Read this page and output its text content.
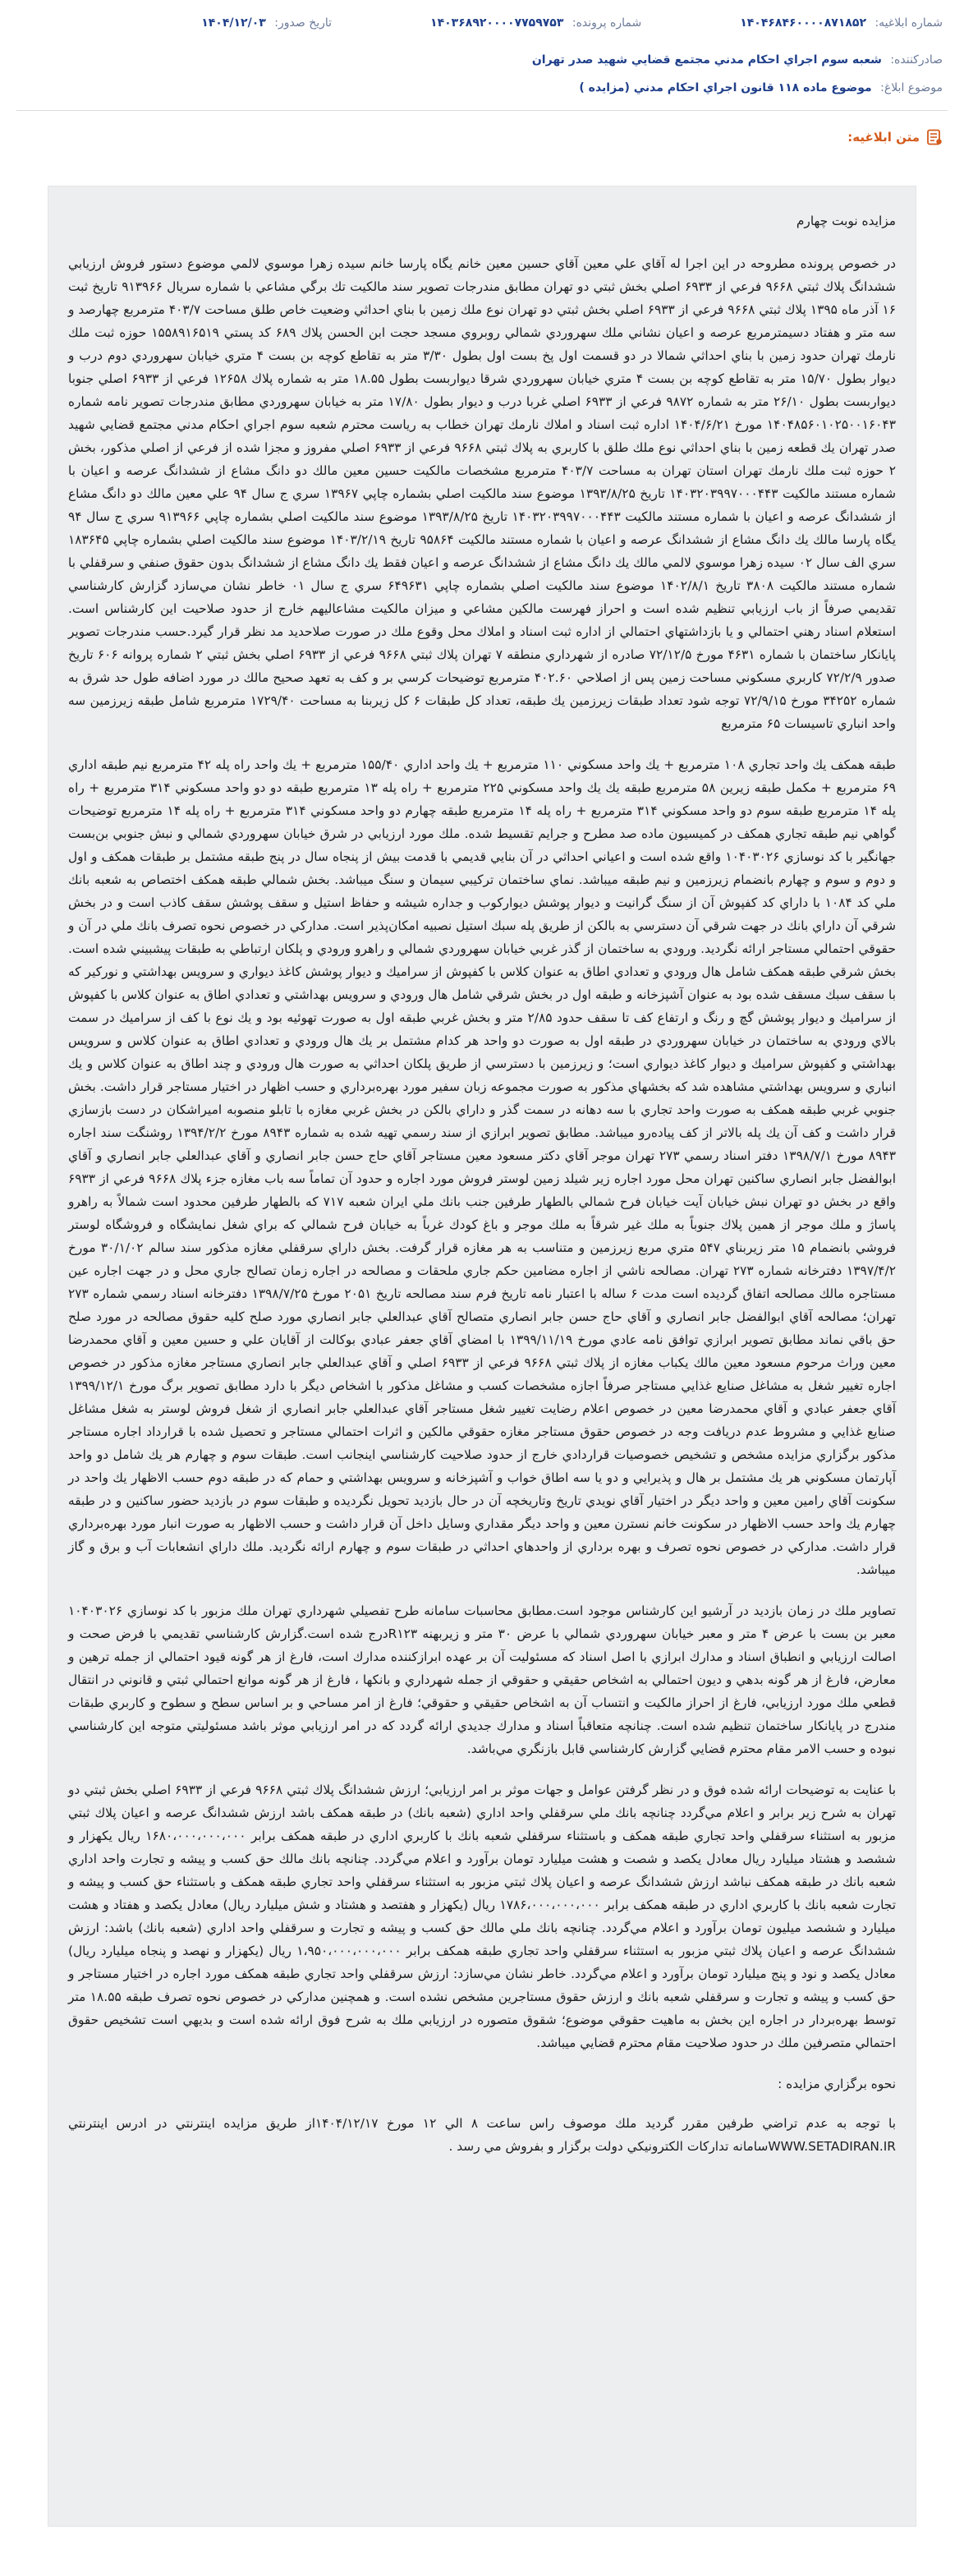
شماره ابلاغیه: ۱۴۰۴۶۸۴۶۰۰۰۰۸۷۱۸۵۲
شماره پرونده: ۱۴۰۳۶۸۹۲۰۰۰۰۷۷۵۹۷۵۳
تاریخ صدور: ۱۴۰۴/۱۲/۰۳
صادرکننده: شعبه سوم اجراي احكام مدني مجتمع قضايي شهيد صدر تهران
موضوع ابلاغ: موضوع ماده ۱۱۸ قانون اجراي احكام مدني (مزايده )
متن ابلاغیه:

مزايده نوبت چهارم

در خصوص پرونده مطروحه در این اجرا له آقاي علي معين آقاي حسين معين خانم يگاه پارسا خانم سيده زهرا موسوي لالمي موضوع دستور فروش ارزيابي ششدانگ پلاك ثبتي ۹۶۶۸ فرعي از ۶۹۳۳ اصلي بخش ثبتي دو تهران مطابق مندرجات تصوير سند مالكيت تك برگي مشاعي با شماره سريال ۹۱۳۹۶۶ تاريخ ثبت ۱۶ آذر ماه ۱۳۹۵ پلاك ثبتي ۹۶۶۸ فرعي از ۶۹۳۳ اصلي بخش ثبتي دو تهران نوع ملك زمين با بناي احداثي وضعيت خاص طلق مساحت ۴۰۳/۷ مترمربع چهارصد و سه متر و هفتاد دسيمترمربع عرصه و اعيان نشاني ملك سهروردي شمالي روبروي مسجد حجت ابن الحسن پلاك ۶۸۹ كد پستي ۱۵۵۸۹۱۶۵۱۹ حوزه ثبت ملك نارمك تهران حدود زمين با بناي احداثي شمالا در دو قسمت اول پخ بست اول بطول ۳/۳۰ متر به تقاطع كوچه بن بست ۴ متري خيابان سهروردي دوم درب و ديوار بطول ۱۵/۷۰ متر به تقاطع كوچه بن بست ۴ متري خيابان سهروردي شرقا ديواربست بطول ۱۸.۵۵ متر به شماره پلاك ۱۲۶۵۸ فرعي از ۶۹۳۳ اصلي جنوبا ديواربست بطول ۲۶/۱۰ متر به شماره ۹۸۷۲ فرعي از ۶۹۳۳ اصلي غربا درب و ديوار بطول ۱۷/۸۰ متر به خيابان سهروردي مطابق مندرجات تصوير نامه شماره ۱۴۰۴۸۵۶۰۱۰۲۵۰۰۱۶۰۴۳ مورخ ۱۴۰۴/۶/۲۱ اداره ثبت اسناد و املاك نارمك تهران خطاب به رياست محترم شعبه سوم اجراي احكام مدني مجتمع قضايي شهيد صدر تهران يك قطعه زمين با بناي احداثي نوع ملك طلق با كاربري به پلاك ثبتي ۹۶۶۸ فرعي از ۶۹۳۳ اصلي مفروز و مجزا شده از فرعي از اصلي مذكور، بخش ۲ حوزه ثبت ملك نارمك تهران استان تهران به مساحت ۴۰۳/۷ مترمربع مشخصات مالكيت حسين معين مالك دو دانگ مشاع از ششدانگ عرصه و اعيان با شماره مستند مالكيت ۱۴۰۳۲۰۳۹۹۷۰۰۰۴۴۳ تاريخ ۱۳۹۳/۸/۲۵ موضوع سند مالكيت اصلي بشماره چاپي ۱۳۹۶۷ سري ج سال ۹۴ علي معين مالك دو دانگ مشاع از ششدانگ عرصه و اعيان با شماره مستند مالكيت ۱۴۰۳۲۰۳۹۹۷۰۰۰۴۴۳ تاريخ ۱۳۹۳/۸/۲۵ موضوع سند مالكيت اصلي بشماره چاپي ۹۱۳۹۶۶ سري ج سال ۹۴ يگاه پارسا مالك يك دانگ مشاع از ششدانگ عرصه و اعيان با شماره مستند مالكيت ۹۵۸۶۴ تاريخ ۱۴۰۳/۲/۱۹ موضوع سند مالكيت اصلي بشماره چاپي ۱۸۳۶۴۵ سري الف سال ۰۲ سيده زهرا موسوي لالمي مالك يك دانگ مشاع از ششدانگ عرصه و اعيان فقط يك دانگ مشاع از ششدانگ بدون حقوق صنفي و سرقفلي با شماره مستند مالكيت ۳۸۰۸ تاريخ ۱۴۰۲/۸/۱ موضوع سند مالكيت اصلي بشماره چاپي ۶۴۹۶۳۱ سري ج سال ۰۱ خاطر نشان مي‌سازد گزارش كارشناسي تقديمي صرفاً از باب ارزيابي تنظيم شده است و احراز فهرست مالكين مشاعي و ميزان مالكيت مشاعالیهم خارج از حدود صلاحيت اين كارشناس است. استعلام اسناد رهني احتمالي و يا بازداشتهاي احتمالي از اداره ثبت اسناد و املاك محل وقوع ملك در صورت صلاحديد مد نظر قرار گيرد.حسب مندرجات تصوير پايانكار ساختمان با شماره ۴۶۳۱ مورخ ۷۲/۱۲/۵ صادره از شهرداري منطقه ۷ تهران پلاك ثبتي ۹۶۶۸ فرعي از ۶۹۳۳ اصلي بخش ثبتي ۲ شماره پروانه ۶۰۶ تاريخ صدور ۷۲/۲/۹ كاربري مسكوني مساحت زمين پس از اصلاحي ۴۰۲.۶۰ مترمربع توضيحات كرسي بر و كف به تعهد صحيح مالك در مورد اضافه طول حد شرق به شماره ۳۴۲۵۲ مورخ ۷۲/۹/۱۵ توجه شود تعداد طبقات زيرزمين يك طبقه، تعداد كل طبقات ۶ كل زيربنا به مساحت ۱۷۲۹/۴۰ مترمربع شامل طبقه زيرزمين سه واحد انباري تاسيسات ۶۵ مترمربع

طبقه همكف يك واحد تجاري ۱۰۸ مترمربع + يك واحد مسكوني ۱۱۰ مترمربع + يك واحد اداري ۱۵۵/۴۰ مترمربع + يك واحد راه پله ۴۲ مترمربع نيم طبقه اداري ۶۹ مترمربع + مكمل طبقه زيرين ۵۸ مترمربع طبقه يك يك واحد مسكوني ۲۲۵ مترمربع + راه پله ۱۳ مترمربع طبقه دو دو واحد مسكوني ۳۱۴ مترمربع + راه پله ۱۴ مترمربع طبقه سوم دو واحد مسكوني ۳۱۴ مترمربع + راه پله ۱۴ مترمربع طبقه چهارم دو واحد مسكوني ۳۱۴ مترمربع + راه پله ۱۴ مترمربع توضيحات گواهي نيم طبقه تجاري همكف در كميسيون ماده صد مطرح و جرايم تقسيط شده. ملك مورد ارزيابي در شرق خيابان سهروردي شمالي و نبش جنوبي بن‌بست جهانگير با كد نوسازي ۱۰۴۰۳۰۲۶ واقع شده است و اعياني احداثي در آن بنايي قديمي با قدمت بيش از پنجاه سال در پنج طبقه مشتمل بر طبقات همكف و اول و دوم و سوم و چهارم بانضمام زيرزمين و نيم طبقه ميباشد. نماي ساختمان تركيبي سيمان و سنگ ميباشد. بخش شمالي طبقه همكف اختصاص به شعبه بانك ملي كد ۱۰۸۴ با داراي كد كفپوش آن از سنگ گرانيت و ديوار پوشش ديواركوب و جداره شيشه و حفاظ استيل و سقف پوشش سقف كاذب است و در بخش شرقي آن داراي بانك در جهت شرقي آن دسترسي به بالكن از طريق پله سبك استيل نصبيه امكان‌پذير است. مداركي در خصوص نحوه تصرف بانك ملي در آن و حقوقي احتمالي مستاجر ارائه نگرديد. ورودي به ساختمان از گذر غربي خيابان سهروردي شمالي و راهرو ورودي و پلكان ارتباطي به طبقات پيشبيني شده است. بخش شرقي طبقه همكف شامل هال ورودي و تعدادي اطاق به عنوان كلاس با كفپوش از سراميك و ديوار پوشش كاغذ ديواري و سرويس بهداشتي و نوركير كه با سقف سبك مسقف شده بود به عنوان آشپزخانه و طبقه اول در بخش شرقي شامل هال ورودي و سرويس بهداشتي و تعدادي اطاق به عنوان كلاس با كفپوش از سراميك و ديوار پوشش گچ و رنگ و ارتفاع كف تا سقف حدود ۲/۸۵ متر و بخش غربي طبقه اول به صورت تهوئيه بود و يك نوع با كف از سراميك در سمت بالاي ورودي به ساختمان در خيابان سهروردي در طبقه اول به صورت دو واحد هر كدام مشتمل بر يك هال ورودي و تعدادي اطاق به عنوان كلاس و سرويس بهداشتي و كفپوش سراميك و ديوار كاغذ ديواري است؛ و زيرزمين با دسترسي از طريق پلكان احداثي به صورت هال ورودي و چند اطاق به عنوان كلاس و يك انباري و سرويس بهداشتي مشاهده شد كه بخشهاي مذكور به صورت مجموعه زبان سفير مورد بهره‌برداري و حسب اظهار در اختيار مستاجر قرار داشت. بخش جنوبي غربي طبقه همكف به صورت واحد تجاري با سه دهانه در سمت گذر و داراي بالكن در بخش غربي مغازه با تابلو منصوبه اميراشكان در دست بازسازي قرار داشت و كف آن يك پله بالاتر از كف پياده‌رو ميباشد. مطابق تصوير ابرازي از سند رسمي تهيه شده به شماره ۸۹۴۳ مورخ ۱۳۹۴/۲/۲ روشنگت سند اجاره ۸۹۴۳ مورخ ۱۳۹۸/۷/۱ دفتر اسناد رسمي ۲۷۳ تهران موجر آقاي دكتر مسعود معين مستاجر آقاي حاج حسن جابر انصاري و آقاي عبدالعلي جابر انصاري و آقاي ابوالفضل جابر انصاري ساكنين تهران محل مورد اجاره زير شيلد زمين لوستر فروش مورد اجاره و حدود آن تماماً سه باب مغازه جزء پلاك ۹۶۶۸ فرعي از ۶۹۳۳ واقع در بخش دو تهران نبش خيابان آيت خيابان فرح شمالي بالطهار طرفين جنب بانك ملي ايران شعبه ۷۱۷ كه بالطهار طرفين محدود است شمالاً به راهرو پاساژ و ملك موجر از همين پلاك جنوباً به ملك غير شرقاً به ملك موجر و باغ كودك غرباً به خيابان فرح شمالي كه براي شغل نمايشگاه و فروشگاه لوستر فروشي بانضمام ۱۵ متر زيربناي ۵۴۷ متري مربع زيرزمين و متناسب به هر مغازه قرار گرفت. بخش داراي سرقفلي مغازه مذكور سند سالم ۳۰/۱/۰۲ مورخ ۱۳۹۷/۴/۲ دفترخانه شماره ۲۷۳ تهران. مصالحه ناشي از اجاره مضامين حكم جاري ملحقات و مصالحه در اجاره زمان تصالح جاري محل و در جهت اجاره عين مستاجره مالك مصالحه اتفاق گرديده است مدت ۶ ساله با اعتبار نامه تاريخ فرم سند مصالحه تاريخ ۲۰۵۱ مورخ ۱۳۹۸/۷/۲۵ دفترخانه اسناد رسمي شماره ۲۷۳ تهران؛ مصالحه آقاي ابوالفضل جابر انصاري و آقاي حاج حسن جابر انصاري متصالح آقاي عبدالعلي جابر انصاري مورد صلح كليه حقوق مصالحه در مورد صلح حق باقي نماند مطابق تصوير ابرازي توافق نامه عادي مورخ ۱۳۹۹/۱۱/۱۹ با امضاي آقاي جعفر عبادي بوكالت از آقايان علي و حسين معين و آقاي محمدرضا معين وراث مرحوم مسعود معين مالك يكباب مغازه از پلاك ثبتي ۹۶۶۸ فرعي از ۶۹۳۳ اصلي و آقاي عبدالعلي جابر انصاري مستاجر مغازه مذكور در خصوص اجاره تغيير شغل به مشاغل صنايع غذايي مستاجر صرفاً اجازه مشخصات كسب و مشاغل مذكور با اشخاص ديگر با دارد مطابق تصوير برگ مورخ ۱۳۹۹/۱۲/۱ آقاي جعفر عبادي و آقاي محمدرضا معين در خصوص اعلام رضايت تغيير شغل مستاجر آقاي عبدالعلي جابر انصاري از شغل فروش لوستر به شغل مشاغل صنايع غذايي و مشروط عدم دريافت وجه در خصوص حقوق مستاجر مغازه حقوقي مالكين و اثرات احتمالي مستاجر و تحصيل شده با قرارداد اجاره مستاجر مذكور برگزاري مزايده مشخص و تشخيص خصوصيات قراردادي خارج از حدود صلاحيت كارشناسي اينجانب است. طبقات سوم و چهارم هر يك شامل دو واحد آپارتمان مسكوني هر يك مشتمل بر هال و پذيرايي و دو يا سه اطاق خواب و آشپزخانه و سرويس بهداشتي و حمام كه در طبقه دوم حسب الاظهار يك واحد در سكونت آقاي رامين معين و واحد ديگر در اختيار آقاي نويدي تاريخ وتاريخچه آن در حال بازديد تحويل نگرديده و طبقات سوم در بازديد حضور ساكنين و در طبقه چهارم يك واحد حسب الاظهار در سكونت خانم نسترن معين و واحد ديگر مقداري وسايل داخل آن قرار داشت و حسب الاظهار به صورت انبار مورد بهره‌برداري قرار داشت. مداركي در خصوص نحوه تصرف و بهره برداري از واحدهاي احداثي در طبقات سوم و چهارم ارائه نگرديد. ملك داراي انشعابات آب و برق و گاز ميباشد.

تصاوير ملك در زمان بازديد در آرشيو اين كارشناس موجود است.مطابق محاسبات سامانه طرح تفصيلي شهرداري تهران ملك مزبور با كد نوسازي ۱۰۴۰۳۰۲۶ معبر بن بست با عرض ۴ متر و معبر خيابان سهروردي شمالي با عرض ۳۰ متر و زيربهنه R۱۲۳درج شده است.گزارش كارشناسي تقديمي با فرض صحت و اصالت ارزيابي و انطباق اسناد و مدارك ابرازي با اصل اسناد كه مسئوليت آن بر عهده ابرازكننده مدارك است، فارغ از هر گونه قيود احتمالي از جمله ترهين و معارض، فارغ از هر گونه بدهي و ديون احتمالي به اشخاص حقيقي و حقوقي از جمله شهرداري و بانكها ، فارغ از هر گونه موانع احتمالي ثبتي و قانوني در انتقال قطعي ملك مورد ارزيابي، فارغ از احراز مالكيت و انتساب آن به اشخاص حقيقي و حقوقي؛ فارغ از امر مساحي و بر اساس سطح و سطوح و كاربري طبقات مندرج در پايانكار ساختمان تنظيم شده است. چنانچه متعاقباً اسناد و مدارك جديدي ارائه گردد كه در امر ارزيابي موثر باشد مسئوليتي متوجه اين كارشناسي نبوده و حسب الامر مقام محترم قضايي گزارش كارشناسي قابل بازنگري مي‌باشد.

با عنايت به توضيحات ارائه شده فوق و در نظر گرفتن عوامل و جهات موثر بر امر ارزيابي؛ ارزش ششدانگ پلاك ثبتي ۹۶۶۸ فرعي از ۶۹۳۳ اصلي بخش ثبتي دو تهران به شرح زير برابر و اعلام مي‌گردد چنانچه بانك ملي سرقفلي واحد اداري (شعبه بانك) در طبقه همكف باشد ارزش ششدانگ عرصه و اعيان پلاك ثبتي مزبور به استثناء سرقفلي واحد تجاري طبقه همكف و باستثناء سرقفلي شعبه بانك با كاربري اداري در طبقه همكف برابر ۱۶۸۰،۰۰۰،۰۰۰،۰۰۰ ريال يكهزار و ششصد و هشتاد ميليارد ريال معادل يكصد و شصت و هشت ميليارد تومان برآورد و اعلام مي‌گردد. چنانچه بانك مالك حق كسب و پيشه و تجارت واحد اداري شعبه بانك در طبقه همكف نباشد ارزش ششدانگ عرصه و اعيان پلاك ثبتي مزبور به استثناء سرقفلي واحد تجاري طبقه همكف و باستثناء حق كسب و پيشه و تجارت شعبه بانك با كاربري اداري در طبقه همكف برابر ۱۷۸۶،۰۰۰،۰۰۰،۰۰۰ ريال (يكهزار و هفتصد و هشتاد و شش ميليارد ريال) معادل يكصد و هفتاد و هشت ميليارد و ششصد ميليون تومان برآورد و اعلام مي‌گردد. چنانچه بانك ملي مالك حق كسب و پيشه و تجارت و سرقفلي واحد اداري (شعبه بانك) باشد: ارزش ششدانگ عرصه و اعيان پلاك ثبتي مزبور به استثناء سرقفلي واحد تجاري طبقه همكف برابر ۱،۹۵۰،۰۰۰،۰۰۰،۰۰۰ ريال (يكهزار و نهصد و پنجاه ميليارد ريال) معادل يكصد و نود و پنج ميليارد تومان برآورد و اعلام مي‌گردد. خاطر نشان مي‌سازد: ارزش سرقفلي واحد تجاري طبقه همكف مورد اجاره در اختيار مستاجر و حق كسب و پيشه و تجارت و سرقفلي شعبه بانك و ارزش حقوق مستاجرين مشخص نشده است. و همچنين مداركي در خصوص نحوه تصرف طبقه ۱۸.۵۵ متر توسط بهره‌بردار در اجاره اين بخش به ماهيت حقوقي موضوع؛ شقوق متصوره در ارزيابي ملك به شرح فوق ارائه شده است و بديهي است تشخيص حقوق احتمالي متصرفين ملك در حدود صلاحيت مقام محترم قضايي ميباشد.

نحوه برگزاري مزايده :

با توجه به عدم تراضي طرفين مقرر گرديد ملك موصوف راس ساعت ۸ الي ۱۲ مورخ ۱۴۰۴/۱۲/۱۷از طريق مزايده اينترنتي در ادرس اينترنتي WWW.SETADIRAN.IRسامانه تداركات الكترونيكي دولت برگزار و بفروش مي رسد .
